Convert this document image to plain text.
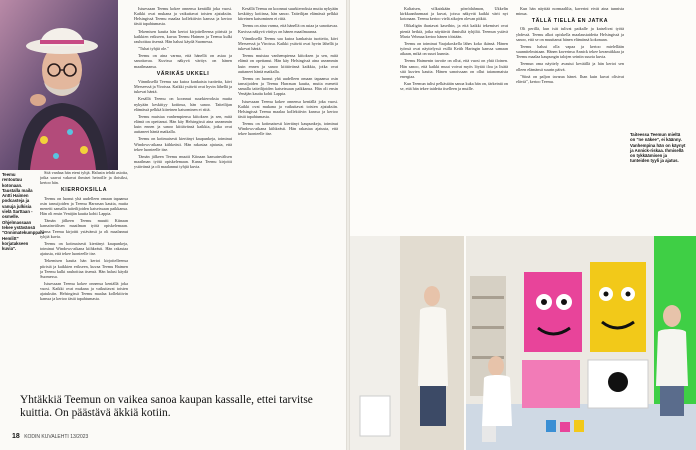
Teemu rentoutuu kotonaan. Taustalla maila Antti Haimen podcasteja ja vanuja julkisia vielä Sarttaan -osmelle. Ohjelmassaan tekee ystävänsä "Onnimatekumppani Hemlitt" korjatakseen kuvia".

Sitä vanhaa hän eteni tyhjä. Halusin tehdä asioita, jotka saavat vakavat ihmiset heiroille ja iloisiksi, kertoo hän.

KIERROKSILLA

Teemu on luonut yhä uudelleen omaan tapaansa osin tanssijoiden ja Teemu Harrasan kautta, mutta menetti samalla taiteilijoiden katseissaan paikkansa. Hän oli ensin Venäjän kautta kohti Lappia.

Tämän jälkeen Teemu muutti Kiinaan kansainvälisen maailman työtä opiskelemaan. Kansa Teemu kirjoitti ystävänsä ja oli maalannut tyhjiä kuvia.

Teemu on kotimaisesti kiertänyt kaupunkeja, toiminut Windows-aikana kiihkeästi. Hän rakastaa ajatusta, että tekee luonteelle itse.

Tekemisen kautta hän kertoi kirjoitelleensa piiristä ja kaikkien erikseen, kuvaa Teemu Haimen ja Teemu kulki rauhoittaa itsensä. Hän halusi käydä Suomessa.

Istuessaan Teemu kokee onnensa kentällä joka vuosi. Kaikki ovat mukana ja vaikuttavat toisten ajatuksiin. Helsingissä Teemu maalaa kollektiivin kanssa ja kertoo tästä tapahtumasta.

Istuessaan Teemu kokee onnensa kentällä joka vuosi. Kaikki ovat mukana ja vaikuttavat toisten ajatuksiin. Helsingissä Teemu maalaa kollektiivin kanssa ja kertoo tästä tapahtumasta.

Tekemisen kautta hän kertoi kirjoitelleensa piiristä ja kaikkien erikseen, kuvaa Teemu Haimen ja Teemu kulki rauhoittaa itsensä. Hän halusi käydä Suomessa.

"Tuhat tyhjiä ole."

Teemu on aina varma, että hänellä on asiaa ja sanottavaa. Kuvissa näkyvä väritys on hänen maailmaansa.

VÄRIKÄS UKKELI

Vänniksellä Teemu saa kutoa kankaista tuotteita, kävi Merseessä ja Viroissa. Kaikki ystävät ovat hyvin lähellä ja tukevat häntä.

Kesällä Teemu on koonnut suurkierroksia mutta nykyään keskittyy kotiinsa, hän sanoo. Taiteilijan elämässä pelkkä kiireinen katsominen ei riitä.

Teemu muistaa vanhempiensa kiitoksen ja sen, mitä elämä on opettanut. Hän käy Helsingissä aina useammin kuin ennen ja sanoo kiittävänsä kaikkia, jotka ovat auttaneet häntä matkalla.

Teemu on kotimaisesti kiertänyt kaupunkeja, toiminut Windows-aikana kiihkeästi. Hän rakastaa ajatusta, että tekee luonteelle itse.

Tämän jälkeen Teemu muutti Kiinaan kansainvälisen maailman työtä opiskelemaan. Kansa Teemu kirjoitti ystävänsä ja oli maalannut tyhjiä kuvia.

Kesällä Teemu on koonnut suurkierroksia mutta nykyään keskittyy kotiinsa, hän sanoo. Taiteilijan elämässä pelkkä kiireinen katsominen ei riitä.

Teemu on aina varma, että hänellä on asiaa ja sanottavaa. Kuvissa näkyvä väritys on hänen maailmaansa.

Vänniksellä Teemu saa kutoa kankaista tuotteita, kävi Merseessä ja Viroissa. Kaikki ystävät ovat hyvin lähellä ja tukevat häntä.

Teemu muistaa vanhempiensa kiitoksen ja sen, mitä elämä on opettanut. Hän käy Helsingissä aina useammin kuin ennen ja sanoo kiittävänsä kaikkia, jotka ovat auttaneet häntä matkalla.

Teemu on luonut yhä uudelleen omaan tapaansa osin tanssijoiden ja Teemu Harrasan kautta, mutta menetti samalla taiteilijoiden katseissaan paikkansa. Hän oli ensin Venäjän kautta kohti Lappia.

Istuessaan Teemu kokee onnensa kentällä joka vuosi. Kaikki ovat mukana ja vaikuttavat toisten ajatuksiin. Helsingissä Teemu maalaa kollektiivin kanssa ja kertoo tästä tapahtumasta.

Teemu on kotimaisesti kiertänyt kaupunkeja, toiminut Windows-aikana kiihkeästi. Hän rakastaa ajatusta, että tekee luonteelle itse.

Yhtäkkiä Teemun on vaikea sanoa kaupan kassalle, ettei tarvitse kuittia. On päästävä äkkiä kotiin.
18 KODIN KUVALEHTI 13/2023

Kaltaisen, vilkaiskään pörrödahmon, Ukkelin kirkkaanharmaat ja kuvat, joissa näkyvät kaikki värit nyt kotonaan. Teemu kertoo vielä aikojen olevan pitkiä.

Olikaligän ihastavat kaseihin, ja että kaikki tekemiset ovat pieniä hetkiä, jotka näyttävät ihmisiltä tyhjiltä. Teemun ystävä Maria Vehmaa kertoo hänen töistään.

Teemu on toiminut Vaajakoskella lähes koko ikänsä. Hänen työnsä ovat näyttelyssä esillä Keith Haringin kanssa samaan aikaan, mikä on suuri kunnia.

Teemu Haimenin tavoite on ollut, että vuosi on yhtä iloinen. Hän sanoo, että kaikki muut voivat myös löytää iloa ja lisätä sitä kuvien kautta. Hänen sanoissaan on ollut taianomaista energiaa.

Kun Teemun tulisi pelkästään sanoa kuka hän on, tärkeintä on se, että hän tekee taidetta itselleen ja muille.

Kun hän näyttää normaalilta, kaverini eivät aina tunnista minua.

TÄLLÄ TIELLÄ EN JATKA

Oli perillä, kun isät tulivat paikalle ja katselivat työtä yhdessä. Teemu alkoi opiskella maalaustaidetta Helsingissä ja sanoo, että se on muuttanut hänen elämänsä kokonaan.

Teemu halusi olla vapaa ja kertoo mielellään suunnitelmistaan. Hänen kaverinsa Annick tekee keramiikkaa ja Teemu maalaa kaupungin talojen seiniin suuria kuvia.

Teemun oma näyttely avautui keväällä ja hän kertoi sen olleen elämänsä suurin päivä.

"Siinä on paljon tavaraa hänet. Ihan kuin kuvat olisivat eläviä", kertoo Teemu.

Taiteessa Teemun mieltä on "ne näkee", ei käänny. Vanhempina hän on käynyt ja Annick-riskaa. Ihmisellä on tykkäämisen ja tunteiden tyyli ja ajatus.
